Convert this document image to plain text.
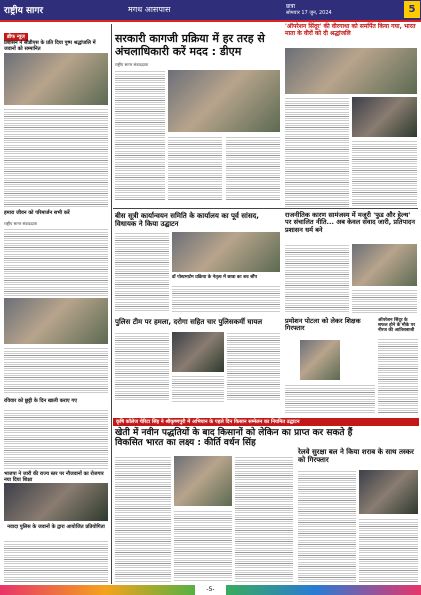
राष्ट्रीय सागर	मगध आसपास	छत्रा
सोमवार 17 जुन, 2024	5
ब्रीफ न्यूज
प्रशासन ने सीडीएस के प्रति दिया पुष्प श्रद्धांजलि में जवानों को सम्मानित
हमारा जीवन को परिमार्जन सभी करें
राष्ट्रीय सागर संवाददाता
रविवार को छुट्टी के दिन खाली कराए गए
भाजपा ने जारी की राज्य स्तर पर नौजवानों का रोजगार नया दिया शिक्षा
नवादा पुलिस के जवानों के द्वारा आयोजित प्रतियोगिता
सरकारी कागजी प्रक्रिया में हर तरह से अंचलाधिकारी करें मदद : डीएम
राष्ट्रीय सागर संवाददाता
'ऑपरेशन सिंदूर' की वीरगाथा को समर्पित किया गया, भारत माता के वीरों को दी श्रद्धांजलि
बीस सूत्री कार्यान्वयन समिति के कार्यालय का पूर्व सांसद, विधायक ने किया उद्घाटन
डॉ पोस्टमार्टम प्रक्रिया के नेतृत्व में छात्रा का शव सौंप
राजनीतिक कारण सामंजस्य में मजूरी 'फुड और हेल्थ' पर संचालित नीति... अब केवल संवाद जारी, प्रतिपादन प्रशासन धर्म बने
पुलिस टीम पर हमला, दरोगा सहित चार पुलिसकर्मी घायल	प्रमोशन पोटला को लेकर शिक्षक गिरफ्तार
ऑपरेशन सिंदूर के सफल होने के मौके पर नीरज की आतिशबाजी
कृषि कॉलेज चेरिटा सिंह ने श्रीकृष्णपुरी में अभियान के पहले दिन किसान सम्मेलन का नियमित उद्घाटन
खेती में नवीन पद्धतियों के बाद किसानों को लेकिन का प्राप्त कर सकते हैं विकसित भारत का लक्ष्य : कीर्ति वर्धन सिंह
रेलवे सुरक्षा बल ने किया शराब के साथ तस्कर को गिरफ्तार
-5-
